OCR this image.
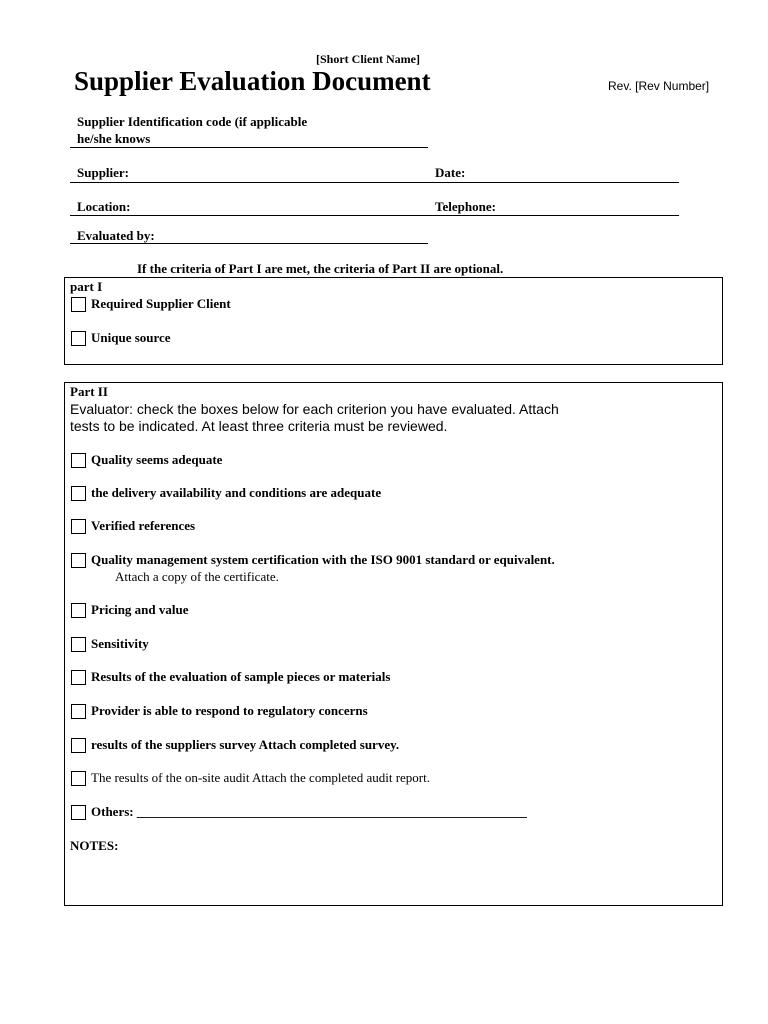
[Short Client Name]
Supplier Evaluation Document	Rev. [Rev Number]
Supplier Identification code (if applicable
he/she knows
Supplier:	Date:
Location:	Telephone:
Evaluated by:
If the criteria of Part I are met, the criteria of Part II are optional.
part I
Required Supplier Client
Unique source
Part II
Evaluator: check the boxes below for each criterion you have evaluated. Attach
tests to be indicated. At least three criteria must be reviewed.
Quality seems adequate
the delivery availability and conditions are adequate
Verified references
Quality management system certification with the ISO 9001 standard or equivalent.
Attach a copy of the certificate.
Pricing and value
Sensitivity
Results of the evaluation of sample pieces or materials
Provider is able to respond to regulatory concerns
results of the suppliers survey Attach completed survey.
The results of the on-site audit Attach the completed audit report.
Others: ____________________________________________________________
NOTES:
